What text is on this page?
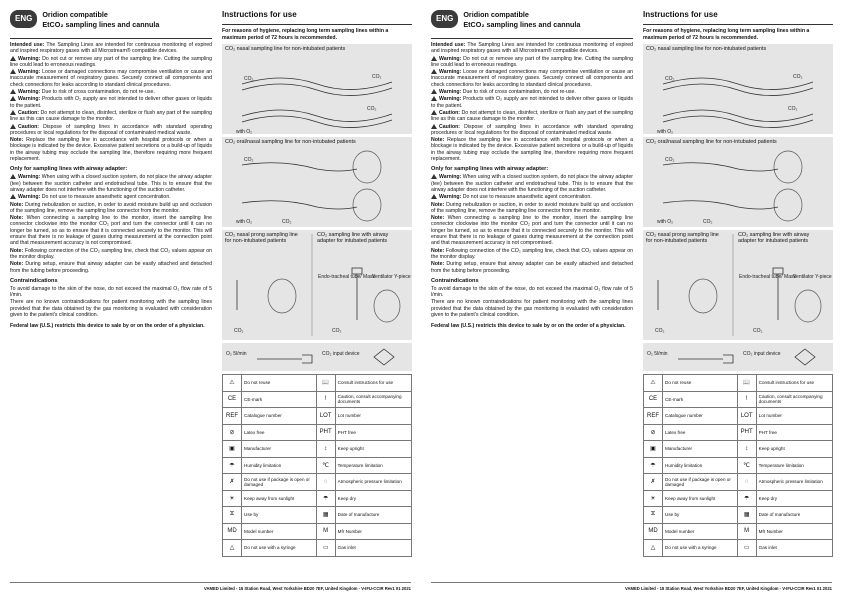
ENG	Oridion compatible
EtCO₂ sampling lines and cannula

Intended use: The Sampling Lines are intended for continuous monitoring of expired and inspired respiratory gases with all Microstream® compatible devices.

Warning: Do not cut or remove any part of the sampling line. Cutting the sampling line could lead to erroneous readings.

Warning: Loose or damaged connections may compromise ventilation or cause an inaccurate measurement of respiratory gases. Securely connect all components and check connections for leaks according to standard clinical procedures.

Warning: Due to risk of cross contamination, do not re-use.

Warning: Products with O₂ supply are not intended to deliver other gases or liquids to the patient.

Caution: Do not attempt to clean, disinfect, sterilize or flush any part of the sampling line as this can cause damage to the monitor.

Caution: Dispose of sampling lines in accordance with standard operating procedures or local regulations for the disposal of contaminated medical waste.

Note: Replace the sampling line in accordance with hospital protocols or when a blockage is indicated by the device. Excessive patient secretions or a build-up of liquids in the airway tubing may occlude the sampling line, therefore requiring more frequent replacement.

Only for sampling lines with airway adapter:

Warning: When using with a closed suction system, do not place the airway adapter (tee) between the suction catheter and endotracheal tube. This is to ensure that the airway adapter does not interfere with the functioning of the suction catheter.

Warning: Do not use to measure anaesthetic agent concentration.

Note: During nebulization or suction, in order to avoid moisture build up and occlusion of the sampling line, remove the sampling line connector from the monitor.

Note: When connecting a sampling line to the monitor, insert the sampling line connector clockwise into the monitor CO₂ port and turn the connector until it can no longer be turned, so as to ensure that it is connected securely to the monitor. This will ensure that there is no leakage of gases during measurement at the connection point and that measurement accuracy is not compromised.

Note: Following connection of the CO₂ sampling line, check that CO₂ values appear on the monitor display.

Note: During setup, ensure that airway adapter can be easily attached and detached from the tubing before proceeding.

Contraindications

To avoid damage to the skin of the nose, do not exceed the maximal O₂ flow rate of 5 l/min.

There are no known contraindications for patient monitoring with the sampling lines provided that the data obtained by the gas monitoring is evaluated with consideration given to the patient's clinical condition.

Federal law (U.S.) restricts this device to sale by or on the order of a physician.

Instructions for use
For reasons of hygiene, replacing long term sampling lines within a maximum period of 72 hours is recommended.
CO₂ nasal sampling line for non-intubated patients
CO₂	CO₂
with O₂
CO₂
CO₂ oral/nasal sampling line for non-intubated patients
CO₂
with O₂	CO₂
CO₂ nasal prong sampling line for non-intubated patients
CO₂ sampling line with airway adapter for intubated patients
CO₂
Endo-tracheal tube/ Mask
Ventilator Y-piece
CO₂
O₂ 5l/min	CO₂ input device
⚠	Do not reuse	📖	Consult instructions for use
CE	CE-mark	!	Caution, consult accompanying documents
REF	Catalogue number	LOT	Lot number
⊘	Latex free	PHT	PHT free
▣	Manufacturer	↕	Keep upright
☂	Humidity limitation	℃	Temperature limitation
✗	Do not use if package is open or damaged	◌	Atmospheric pressure limitation
☀	Keep away from sunlight	☂	Keep dry
⧖	Use by	▦	Date of manufacture
MD	Model number	M	Mfr Number
△	Do not use with a syringe	▭	Gas inlet
VAMED Limited - 15 Station Road, West Yorkshire BD20 7EF, United Kingdom - V-IFU-CCIR Rev1 01 2021
ENG	Oridion compatible
EtCO₂ sampling lines and cannula

Intended use: The Sampling Lines are intended for continuous monitoring of expired and inspired respiratory gases with all Microstream® compatible devices.

Warning: Do not cut or remove any part of the sampling line. Cutting the sampling line could lead to erroneous readings.

Warning: Loose or damaged connections may compromise ventilation or cause an inaccurate measurement of respiratory gases. Securely connect all components and check connections for leaks according to standard clinical procedures.

Warning: Due to risk of cross contamination, do not re-use.

Warning: Products with O₂ supply are not intended to deliver other gases or liquids to the patient.

Caution: Do not attempt to clean, disinfect, sterilize or flush any part of the sampling line as this can cause damage to the monitor.

Caution: Dispose of sampling lines in accordance with standard operating procedures or local regulations for the disposal of contaminated medical waste.

Note: Replace the sampling line in accordance with hospital protocols or when a blockage is indicated by the device. Excessive patient secretions or a build-up of liquids in the airway tubing may occlude the sampling line, therefore requiring more frequent replacement.

Only for sampling lines with airway adapter:

Warning: When using with a closed suction system, do not place the airway adapter (tee) between the suction catheter and endotracheal tube. This is to ensure that the airway adapter does not interfere with the functioning of the suction catheter.

Warning: Do not use to measure anaesthetic agent concentration.

Note: During nebulization or suction, in order to avoid moisture build up and occlusion of the sampling line, remove the sampling line connector from the monitor.

Note: When connecting a sampling line to the monitor, insert the sampling line connector clockwise into the monitor CO₂ port and turn the connector until it can no longer be turned, so as to ensure that it is connected securely to the monitor. This will ensure that there is no leakage of gases during measurement at the connection point and that measurement accuracy is not compromised.

Note: Following connection of the CO₂ sampling line, check that CO₂ values appear on the monitor display.

Note: During setup, ensure that airway adapter can be easily attached and detached from the tubing before proceeding.

Contraindications

To avoid damage to the skin of the nose, do not exceed the maximal O₂ flow rate of 5 l/min.

There are no known contraindications for patient monitoring with the sampling lines provided that the data obtained by the gas monitoring is evaluated with consideration given to the patient's clinical condition.

Federal law (U.S.) restricts this device to sale by or on the order of a physician.

Instructions for use
For reasons of hygiene, replacing long term sampling lines within a maximum period of 72 hours is recommended.
CO₂ nasal sampling line for non-intubated patients
CO₂	CO₂
with O₂
CO₂
CO₂ oral/nasal sampling line for non-intubated patients
CO₂
with O₂	CO₂
CO₂ nasal prong sampling line for non-intubated patients
CO₂ sampling line with airway adapter for intubated patients
CO₂
Endo-tracheal tube/ Mask
Ventilator Y-piece
CO₂
O₂ 5l/min	CO₂ input device
⚠	Do not reuse	📖	Consult instructions for use
CE	CE-mark	!	Caution, consult accompanying documents
REF	Catalogue number	LOT	Lot number
⊘	Latex free	PHT	PHT free
▣	Manufacturer	↕	Keep upright
☂	Humidity limitation	℃	Temperature limitation
✗	Do not use if package is open or damaged	◌	Atmospheric pressure limitation
☀	Keep away from sunlight	☂	Keep dry
⧖	Use by	▦	Date of manufacture
MD	Model number	M	Mfr Number
△	Do not use with a syringe	▭	Gas inlet
VAMED Limited - 15 Station Road, West Yorkshire BD20 7EF, United Kingdom - V-IFU-CCIR Rev1 01 2021
